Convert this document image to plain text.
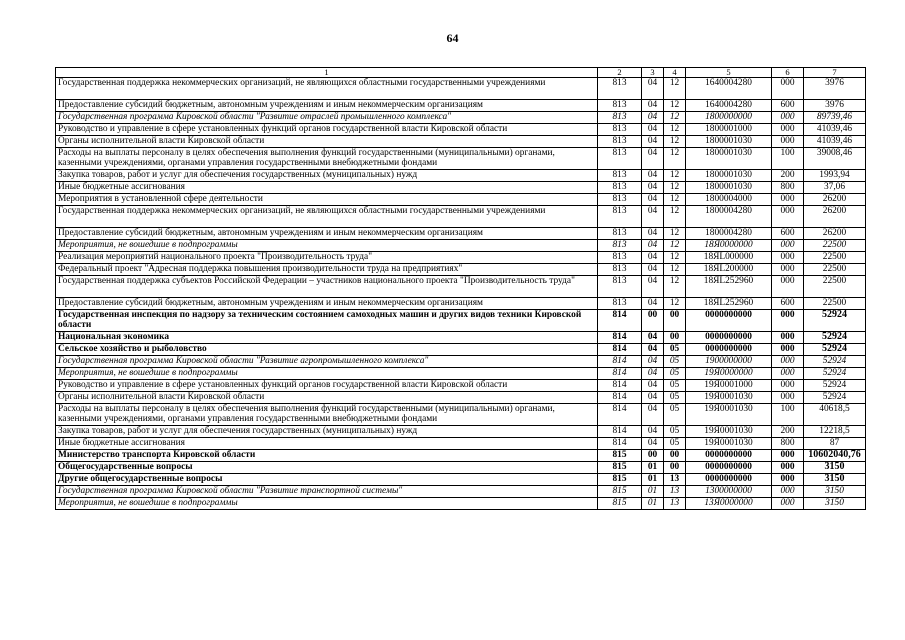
64
1	2	3	4	5	6	7
Государственная поддержка некоммерческих организаций, не являющихся областными государственными учреждениями	813	04	12	1640004280	000	3976
Предоставление субсидий бюджетным, автономным учреждениям и иным некоммерческим организациям	813	04	12	1640004280	600	3976
Государственная программа Кировской области "Развитие отраслей промышленного комплекса"	813	04	12	1800000000	000	89739,46
Руководство и управление в сфере установленных функций органов государственной власти Кировской области	813	04	12	1800001000	000	41039,46
Органы исполнительной власти Кировской области	813	04	12	1800001030	000	41039,46
Расходы на выплаты персоналу в целях обеспечения выполнения функций государственными (муниципальными) органами, казенными учреждениями, органами управления государственными внебюджетными фондами	813	04	12	1800001030	100	39008,46
Закупка товаров, работ и услуг для обеспечения государственных (муниципальных) нужд	813	04	12	1800001030	200	1993,94
Иные бюджетные ассигнования	813	04	12	1800001030	800	37,06
Мероприятия в установленной сфере деятельности	813	04	12	1800004000	000	26200
Государственная поддержка некоммерческих организаций, не являющихся областными государственными учреждениями	813	04	12	1800004280	000	26200
Предоставление субсидий бюджетным, автономным учреждениям и иным некоммерческим организациям	813	04	12	1800004280	600	26200
Мероприятия, не вошедшие в подпрограммы	813	04	12	18Я0000000	000	22500
Реализация мероприятий национального проекта "Производительность труда"	813	04	12	18ЯL000000	000	22500
Федеральный проект "Адресная поддержка повышения производительности труда на предприятиях"	813	04	12	18ЯL200000	000	22500
Государственная поддержка субъектов Российской Федерации – участников национального проекта "Производительность труда"	813	04	12	18ЯL252960	000	22500
Предоставление субсидий бюджетным, автономным учреждениям и иным некоммерческим организациям	813	04	12	18ЯL252960	600	22500
Государственная инспекция по надзору за техническим состоянием самоходных машин и других видов техники Кировской области	814	00	00	0000000000	000	52924
Национальная экономика	814	04	00	0000000000	000	52924
Сельское хозяйство и рыболовство	814	04	05	0000000000	000	52924
Государственная программа Кировской области "Развитие агропромышленного комплекса"	814	04	05	1900000000	000	52924
Мероприятия, не вошедшие в подпрограммы	814	04	05	19Я0000000	000	52924
Руководство и управление в сфере установленных функций органов государственной власти Кировской области	814	04	05	19Я0001000	000	52924
Органы исполнительной власти Кировской области	814	04	05	19Я0001030	000	52924
Расходы на выплаты персоналу в целях обеспечения выполнения функций государственными (муниципальными) органами, казенными учреждениями, органами управления государственными внебюджетными фондами	814	04	05	19Я0001030	100	40618,5
Закупка товаров, работ и услуг для обеспечения государственных (муниципальных) нужд	814	04	05	19Я0001030	200	12218,5
Иные бюджетные ассигнования	814	04	05	19Я0001030	800	87
Министерство транспорта Кировской области	815	00	00	0000000000	000	10602040,76
Общегосударственные вопросы	815	01	00	0000000000	000	3150
Другие общегосударственные вопросы	815	01	13	0000000000	000	3150
Государственная программа Кировской области "Развитие транспортной системы"	815	01	13	1300000000	000	3150
Мероприятия, не вошедшие в подпрограммы	815	01	13	13Я0000000	000	3150
